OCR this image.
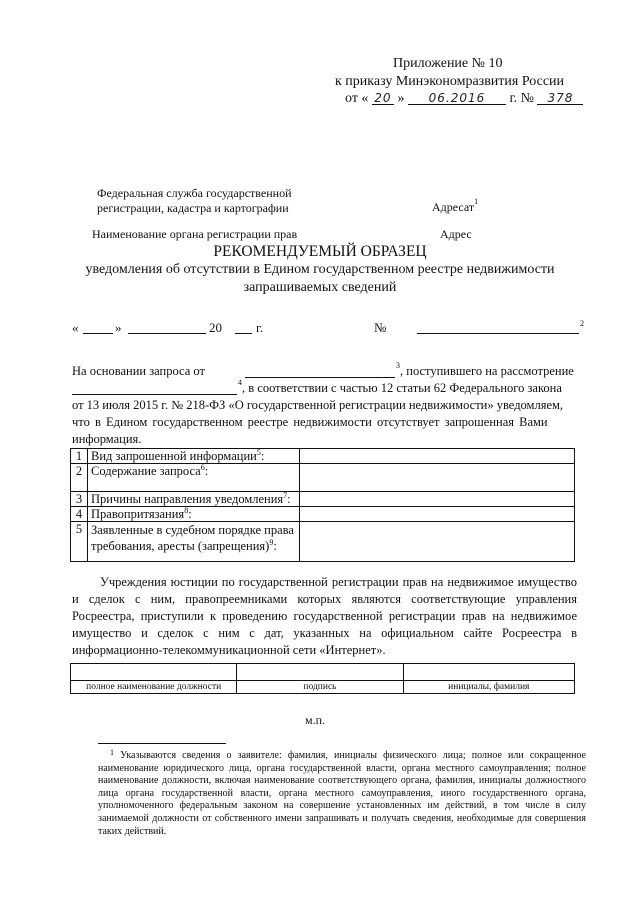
Приложение № 10
к приказу Минэкономразвития России
от « 20 » 06.2016 г. № 378
Федеральная служба государственной
регистрации, кадастра и картографии	Адресат$^1$
Наименование органа регистрации прав	Адрес
РЕКОМЕНДУЕМЫЙ ОБРАЗЕЦ
уведомления об отсутствии в Едином государственном реестре недвижимости
запрашиваемых сведений
«	»	20	г.	№	2
На основании запроса от	$^3$, поступившего на рассмотрение
$^4$, в соответствии с частью 12 статьи 62 Федерального закона
от 13 июля 2015 г. № 218-ФЗ «О государственной регистрации недвижимости» уведомляем,
что в Едином государственном реестре недвижимости отсутствует запрошенная Вами
информация.
1	Вид запрошенной информации$^5$:	
2	Содержание запроса$^6$:	
3	Причины направления уведомления$^7$:	
4	Правопритязания$^8$:	
5	Заявленные в судебном порядке права требования, аресты (запрещения)$^9$:	
Учреждения юстиции по государственной регистрации прав на недвижимое имущество и сделок с ним, правопреемниками которых являются соответствующие управления Росреестра, приступили к проведению государственной регистрации прав на недвижимое имущество и сделок с ним с дат, указанных на официальном сайте Росреестра в информационно-телекоммуникационной сети «Интернет».

полное наименование должности	подпись	инициалы, фамилия
м.п.
$^1$ Указываются сведения о заявителе: фамилия, инициалы физического лица; полное или сокращенное наименование юридического лица, органа государственной власти, органа местного самоуправления; полное наименование должности, включая наименование соответствующего органа, фамилия, инициалы должностного лица органа государственной власти, органа местного самоуправления, иного государственного органа, уполномоченного федеральным законом на совершение установленных им действий, в том числе в силу занимаемой должности от собственного имени запрашивать и получать сведения, необходимые для совершения таких действий.
